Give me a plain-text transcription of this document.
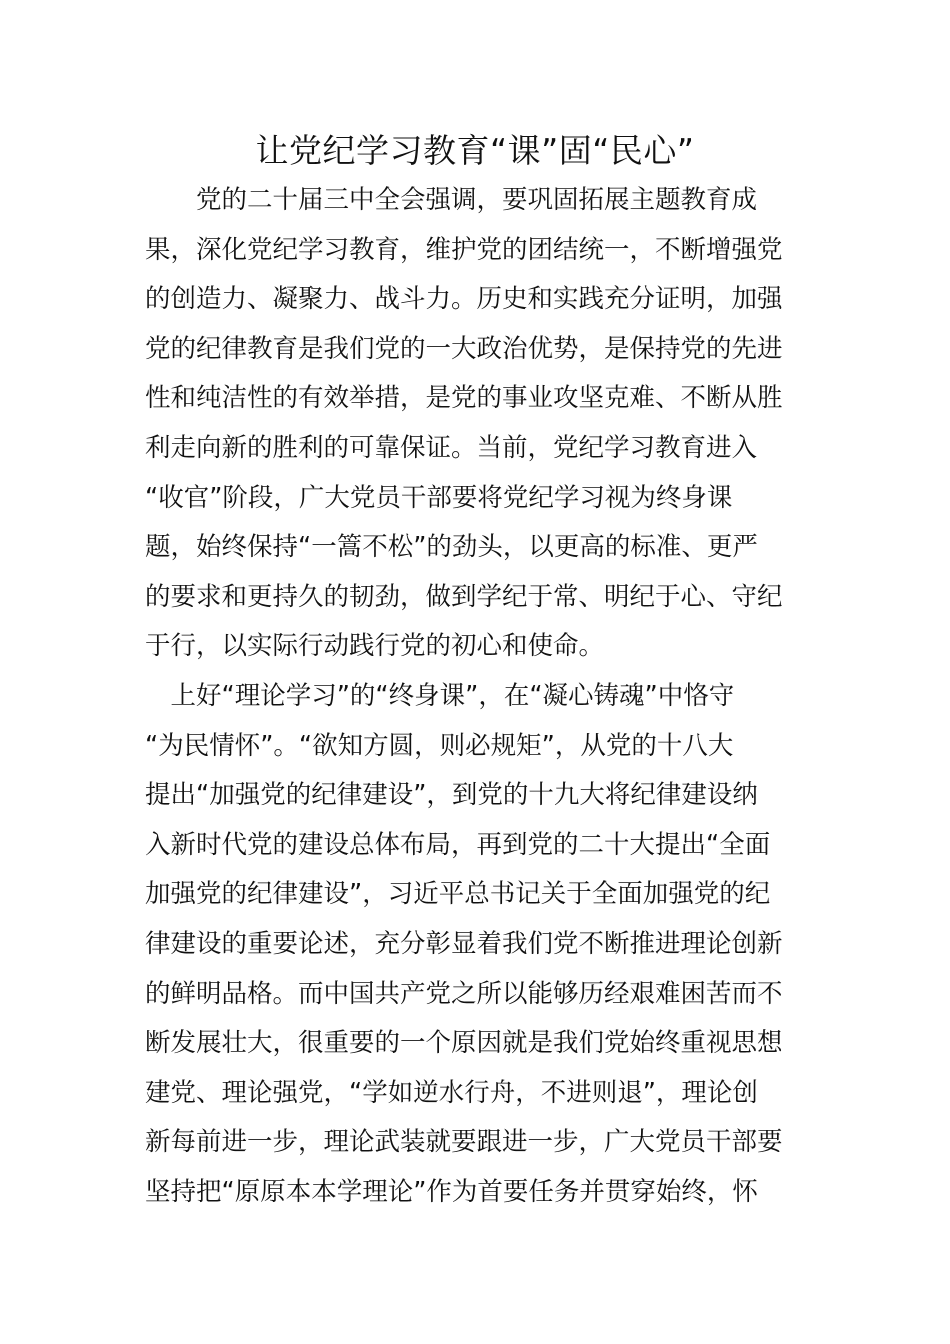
让党纪学习教育“课”固“民心”
　　党的二十届三中全会强调，要巩固拓展主题教育成
果，深化党纪学习教育，维护党的团结统一，不断增强党
的创造力、凝聚力、战斗力。历史和实践充分证明，加强
党的纪律教育是我们党的一大政治优势，是保持党的先进
性和纯洁性的有效举措，是党的事业攻坚克难、不断从胜
利走向新的胜利的可靠保证。当前，党纪学习教育进入
“收官”阶段，广大党员干部要将党纪学习视为终身课
题，始终保持“一篙不松”的劲头，以更高的标准、更严
的要求和更持久的韧劲，做到学纪于常、明纪于心、守纪
于行，以实际行动践行党的初心和使命。
　上好“理论学习”的“终身课”，在“凝心铸魂”中恪守
“为民情怀”。“欲知方圆，则必规矩”，从党的十八大
提出“加强党的纪律建设”，到党的十九大将纪律建设纳
入新时代党的建设总体布局，再到党的二十大提出“全面
加强党的纪律建设”，习近平总书记关于全面加强党的纪
律建设的重要论述，充分彰显着我们党不断推进理论创新
的鲜明品格。而中国共产党之所以能够历经艰难困苦而不
断发展壮大，很重要的一个原因就是我们党始终重视思想
建党、理论强党，“学如逆水行舟，不进则退”，理论创
新每前进一步，理论武装就要跟进一步，广大党员干部要
坚持把“原原本本学理论”作为首要任务并贯穿始终，怀
